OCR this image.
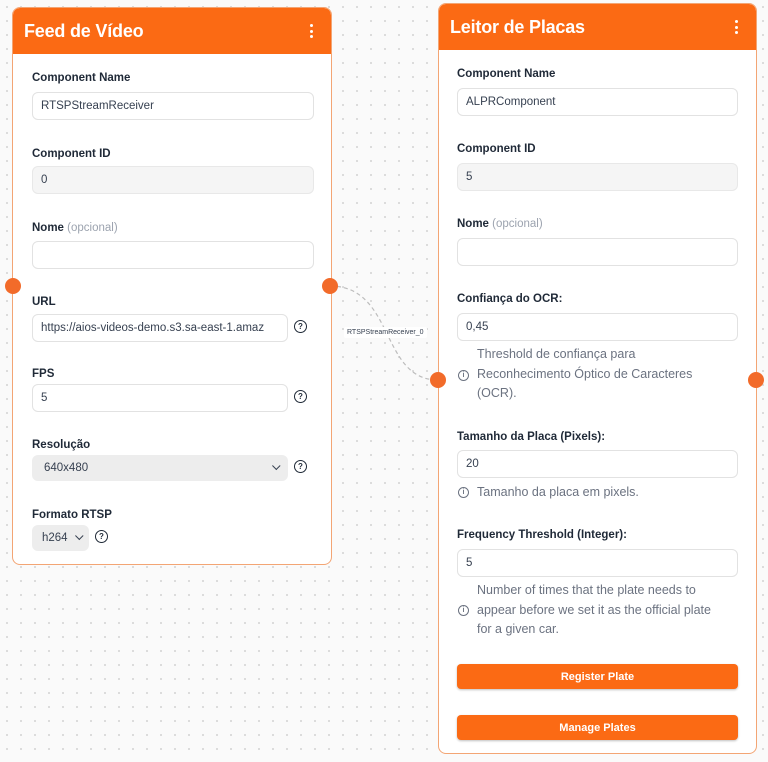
RTSPStreamReceiver_0
Feed de Vídeo
Component Name
RTSPStreamReceiver
Component ID
0
Nome (opcional)
URL
https://aios-videos-demo.s3.sa-east-1.amaz	?
FPS
5	?
Resolução
640x480	?
Formato RTSP
h264	?
Leitor de Placas
Component Name
ALPRComponent
Component ID
5
Nome (opcional)
Confiança do OCR:
0,45
i
Threshold de confiança para
Reconhecimento Óptico de Caracteres
(OCR).
Tamanho da Placa (Pixels):
20
i	Tamanho da placa em pixels.
Frequency Threshold (Integer):
5
i
Number of times that the plate needs to
appear before we set it as the official plate
for a given car.
Register Plate
Manage Plates
